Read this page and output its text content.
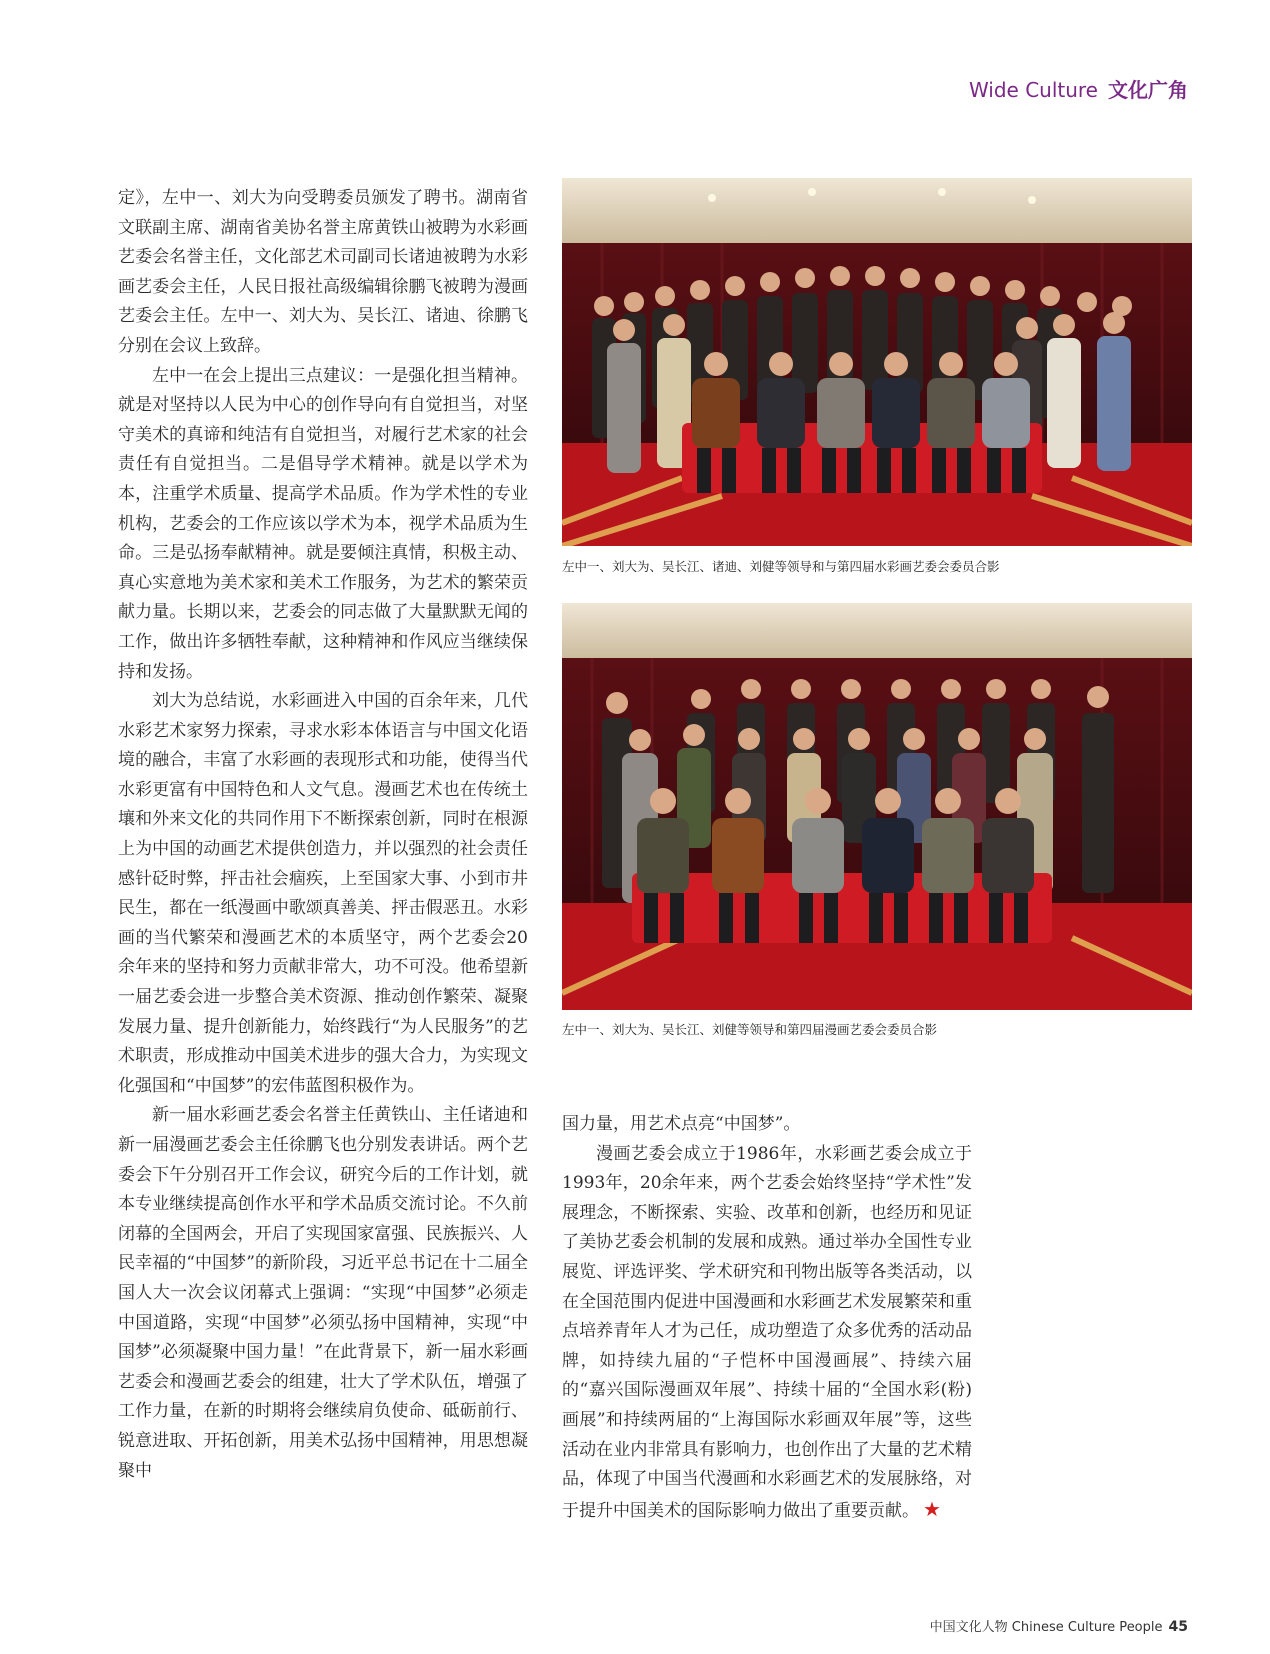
Wide Culture 文化广角

定》，左中一、刘大为向受聘委员颁发了聘书。湖南省文联副主席、湖南省美协名誉主席黄铁山被聘为水彩画艺委会名誉主任，文化部艺术司副司长诸迪被聘为水彩画艺委会主任，人民日报社高级编辑徐鹏飞被聘为漫画艺委会主任。左中一、刘大为、吴长江、诸迪、徐鹏飞分别在会议上致辞。

左中一在会上提出三点建议：一是强化担当精神。就是对坚持以人民为中心的创作导向有自觉担当，对坚守美术的真谛和纯洁有自觉担当，对履行艺术家的社会责任有自觉担当。二是倡导学术精神。就是以学术为本，注重学术质量、提高学术品质。作为学术性的专业机构，艺委会的工作应该以学术为本，视学术品质为生命。三是弘扬奉献精神。就是要倾注真情，积极主动、真心实意地为美术家和美术工作服务，为艺术的繁荣贡献力量。长期以来，艺委会的同志做了大量默默无闻的工作，做出许多牺牲奉献，这种精神和作风应当继续保持和发扬。

刘大为总结说，水彩画进入中国的百余年来，几代水彩艺术家努力探索，寻求水彩本体语言与中国文化语境的融合，丰富了水彩画的表现形式和功能，使得当代水彩更富有中国特色和人文气息。漫画艺术也在传统土壤和外来文化的共同作用下不断探索创新，同时在根源上为中国的动画艺术提供创造力，并以强烈的社会责任感针砭时弊，抨击社会痼疾，上至国家大事、小到市井民生，都在一纸漫画中歌颂真善美、抨击假恶丑。水彩画的当代繁荣和漫画艺术的本质坚守，两个艺委会20余年来的坚持和努力贡献非常大，功不可没。他希望新一届艺委会进一步整合美术资源、推动创作繁荣、凝聚发展力量、提升创新能力，始终践行“为人民服务”的艺术职责，形成推动中国美术进步的强大合力，为实现文化强国和“中国梦”的宏伟蓝图积极作为。

新一届水彩画艺委会名誉主任黄铁山、主任诸迪和新一届漫画艺委会主任徐鹏飞也分别发表讲话。两个艺委会下午分别召开工作会议，研究今后的工作计划，就本专业继续提高创作水平和学术品质交流讨论。不久前闭幕的全国两会，开启了实现国家富强、民族振兴、人民幸福的“中国梦”的新阶段，习近平总书记在十二届全国人大一次会议闭幕式上强调：“实现“中国梦”必须走中国道路，实现“中国梦”必须弘扬中国精神，实现“中国梦”必须凝聚中国力量！”在此背景下，新一届水彩画艺委会和漫画艺委会的组建，壮大了学术队伍，增强了工作力量，在新的时期将会继续肩负使命、砥砺前行、锐意进取、开拓创新，用美术弘扬中国精神，用思想凝聚中

左中一、刘大为、吴长江、诸迪、刘健等领导和与第四届水彩画艺委会委员合影
左中一、刘大为、吴长江、刘健等领导和第四届漫画艺委会委员合影

国力量，用艺术点亮“中国梦”。

漫画艺委会成立于1986年，水彩画艺委会成立于1993年，20余年来，两个艺委会始终坚持“学术性”发展理念，不断探索、实验、改革和创新，也经历和见证了美协艺委会机制的发展和成熟。通过举办全国性专业展览、评选评奖、学术研究和刊物出版等各类活动，以在全国范围内促进中国漫画和水彩画艺术发展繁荣和重点培养青年人才为己任，成功塑造了众多优秀的活动品牌，如持续九届的“子恺杯中国漫画展”、持续六届的“嘉兴国际漫画双年展”、持续十届的“全国水彩(粉)画展”和持续两届的“上海国际水彩画双年展”等，这些活动在业内非常具有影响力，也创作出了大量的艺术精品，体现了中国当代漫画和水彩画艺术的发展脉络，对于提升中国美术的国际影响力做出了重要贡献。 ★

中国文化人物 Chinese Culture People 45
